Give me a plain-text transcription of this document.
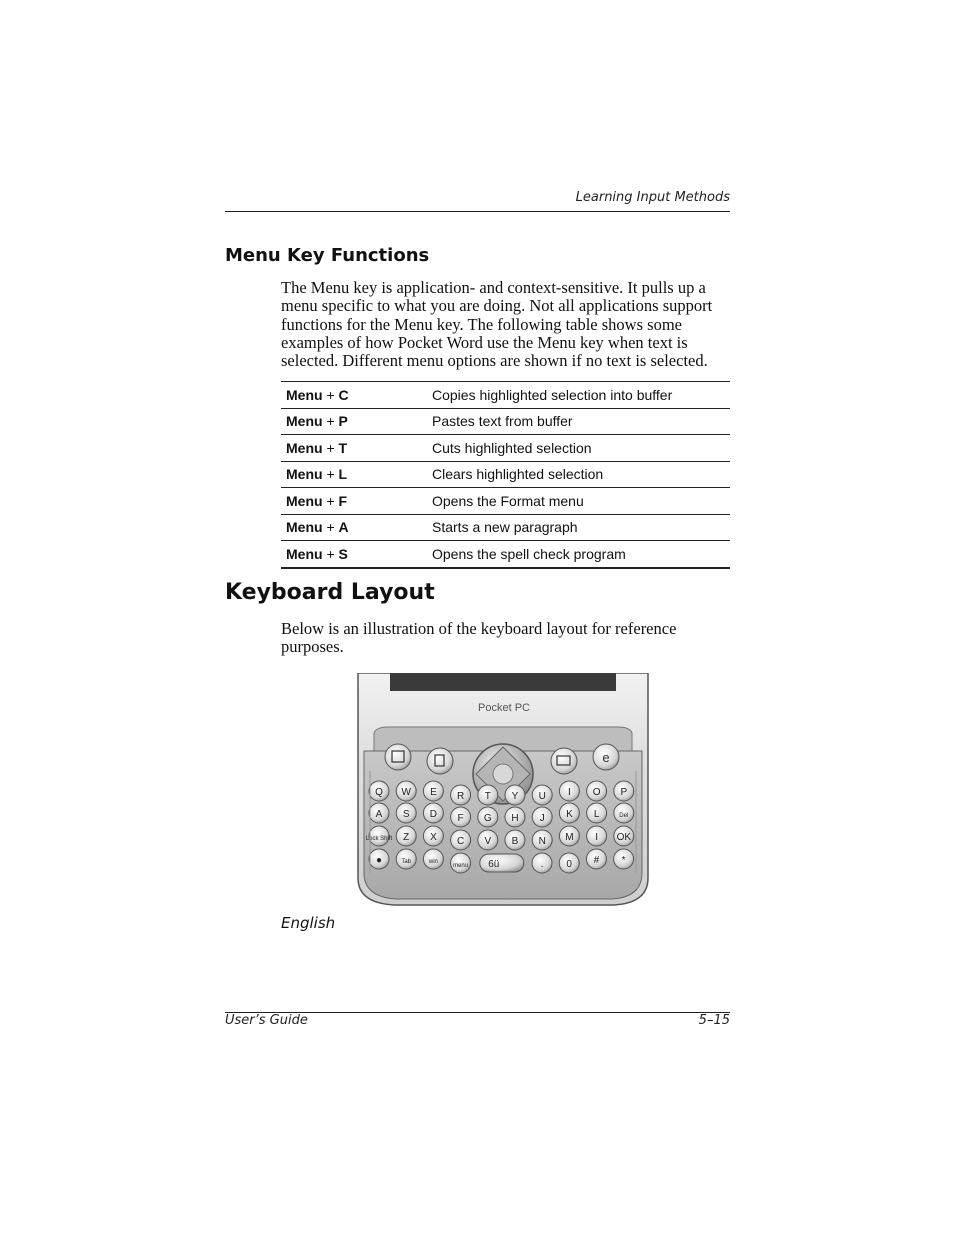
Learning Input Methods
Menu Key Functions

The Menu key is application- and context-sensitive. It pulls up a menu specific to what you are doing. Not all applications support functions for the Menu key. The following table shows some examples of how Pocket Word use the Menu key when text is selected. Different menu options are shown if no text is selected.

Menu + C	Copies highlighted selection into buffer
Menu + P	Pastes text from buffer
Menu + T	Cuts highlighted selection
Menu + L	Clears highlighted selection
Menu + F	Opens the Format menu
Menu + A	Starts a new paragraph
Menu + S	Opens the spell check program
Keyboard Layout

Below is an illustration of the keyboard layout for reference purposes.

Pocket PC
e
Q W E R T Y U I O P
A S D F G H J K L	Del
Lock Shift Z X C V B N M I OK
●	Tab	win
menu 6ü	. 0 # *
English
User’s Guide	5–15
